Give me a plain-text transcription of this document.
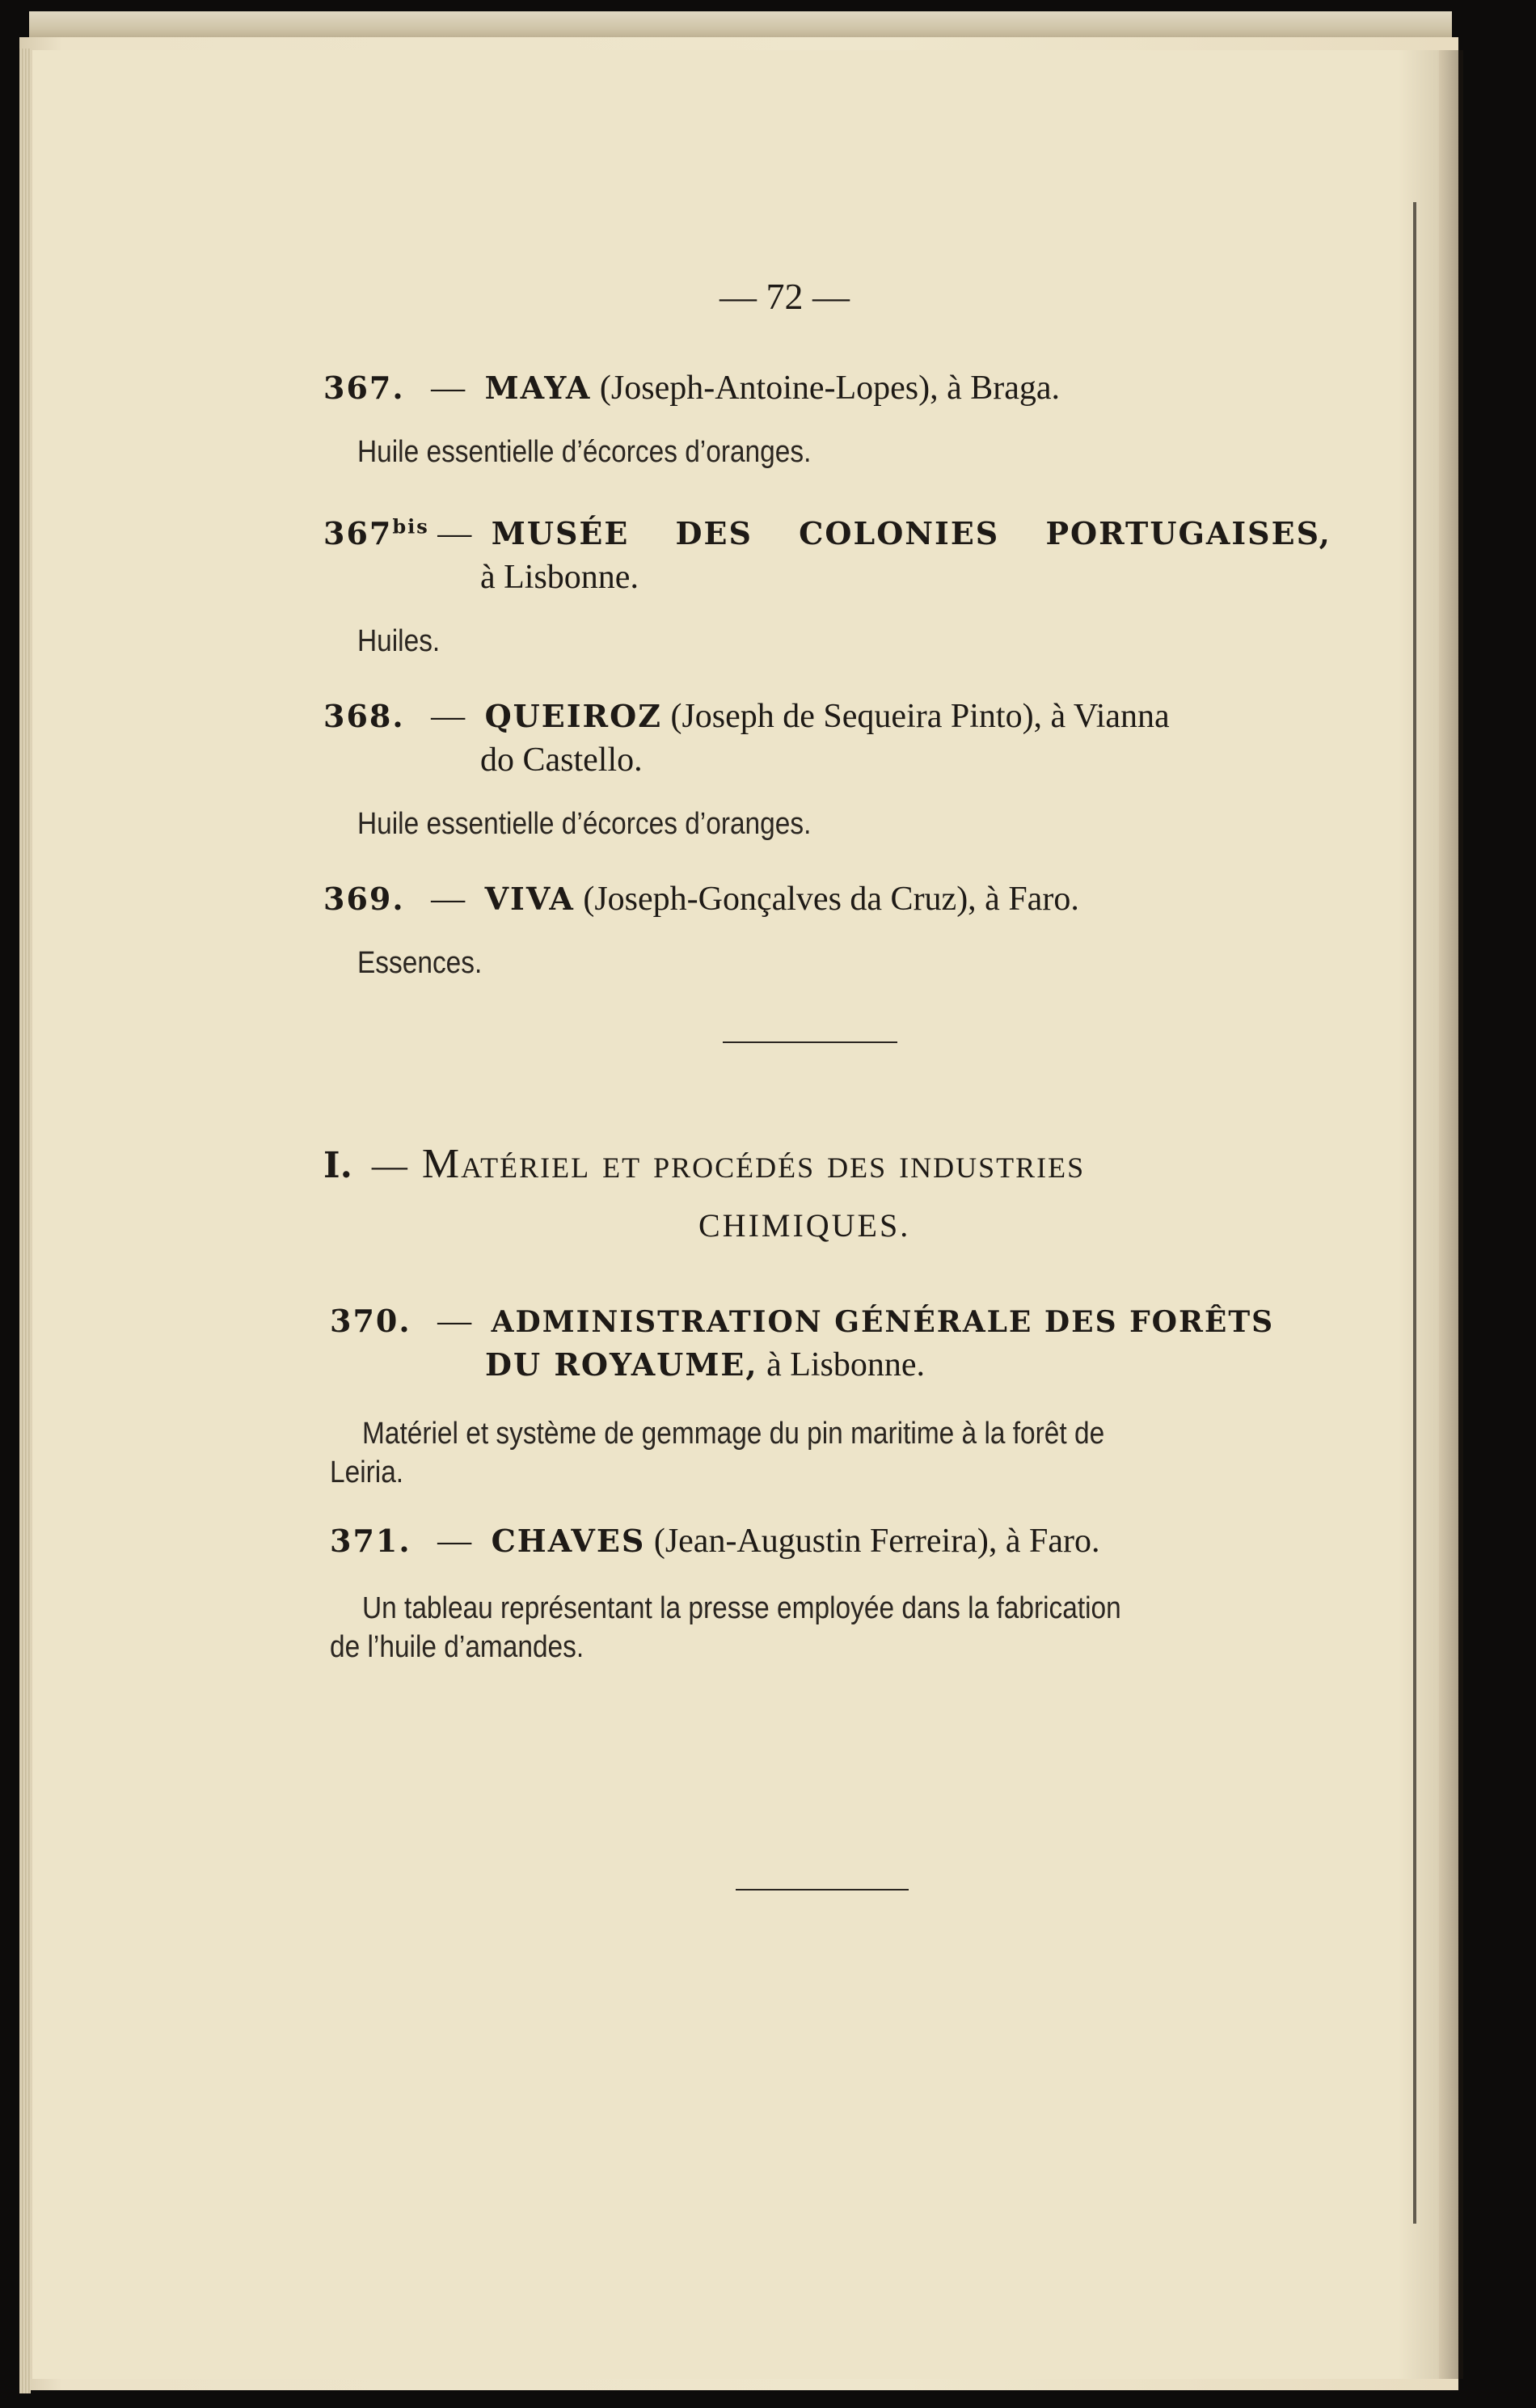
— 72 —
367. — MAYA (Joseph-Antoine-Lopes), à Braga.
Huile essentielle d’écorces d’oranges.
$367^{bis}$ — MUSÉE DES COLONIES PORTUGAISES,
à Lisbonne.
Huiles.
368. — QUEIROZ (Joseph de Sequeira Pinto), à Vianna
do Castello.
Huile essentielle d’écorces d’oranges.
369. — VIVA (Joseph-Gonçalves da Cruz), à Faro.
Essences.
I. — Matériel et procédés des industries
CHIMIQUES.
370. — ADMINISTRATION GÉNÉRALE DES FORÊTS
DU ROYAUME, à Lisbonne.
Matériel et système de gemmage du pin maritime à la forêt de
Leiria.
371. — CHAVES (Jean-Augustin Ferreira), à Faro.
Un tableau représentant la presse employée dans la fabrication
de l’huile d’amandes.
